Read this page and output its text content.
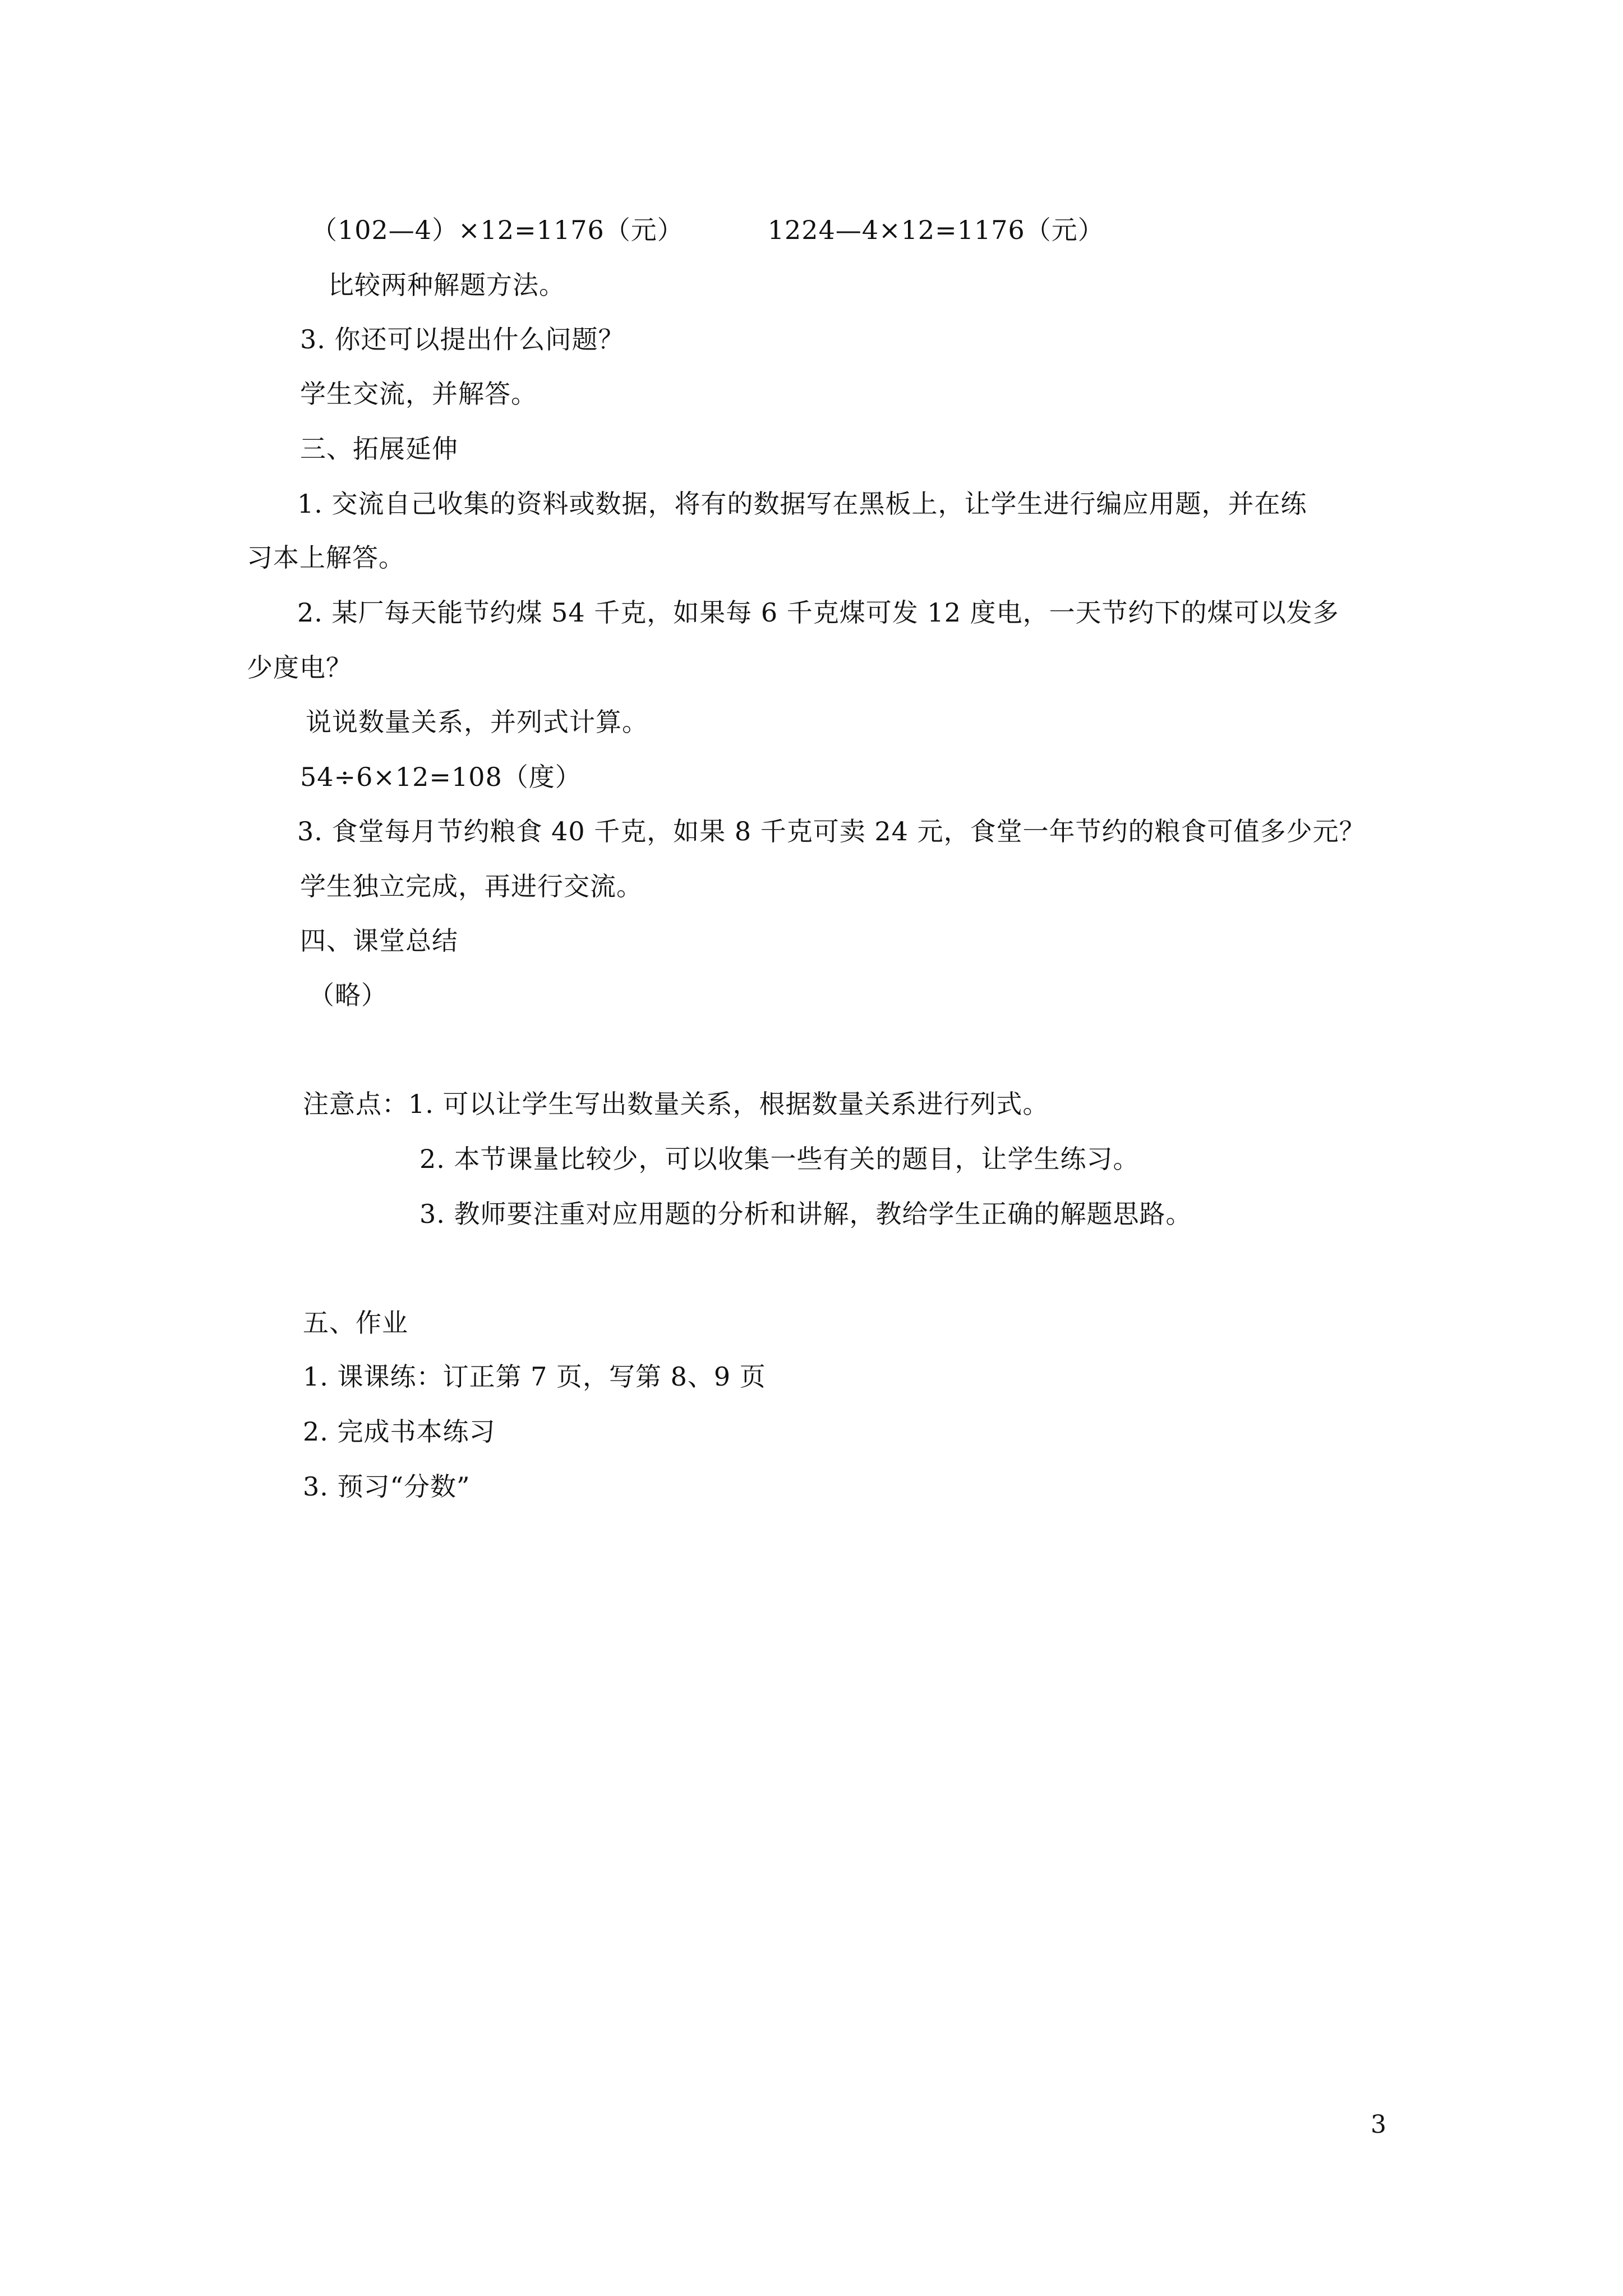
（102—4）×12=1176（元）	1224—4×12=1176（元）
比较两种解题方法。
3. 你还可以提出什么问题？
学生交流，并解答。
三、拓展延伸
1. 交流自己收集的资料或数据，将有的数据写在黑板上，让学生进行编应用题，并在练
习本上解答。
2. 某厂每天能节约煤 54 千克，如果每 6 千克煤可发 12 度电，一天节约下的煤可以发多
少度电？
说说数量关系，并列式计算。
54÷6×12=108（度）
3. 食堂每月节约粮食 40 千克，如果 8 千克可卖 24 元，食堂一年节约的粮食可值多少元？
学生独立完成，再进行交流。
四、课堂总结
（略）
注意点：1. 可以让学生写出数量关系，根据数量关系进行列式。
2. 本节课量比较少，可以收集一些有关的题目，让学生练习。
3. 教师要注重对应用题的分析和讲解，教给学生正确的解题思路。
五、作业
1. 课课练：订正第 7 页，写第 8、9 页
2. 完成书本练习
3. 预习“分数”
3
